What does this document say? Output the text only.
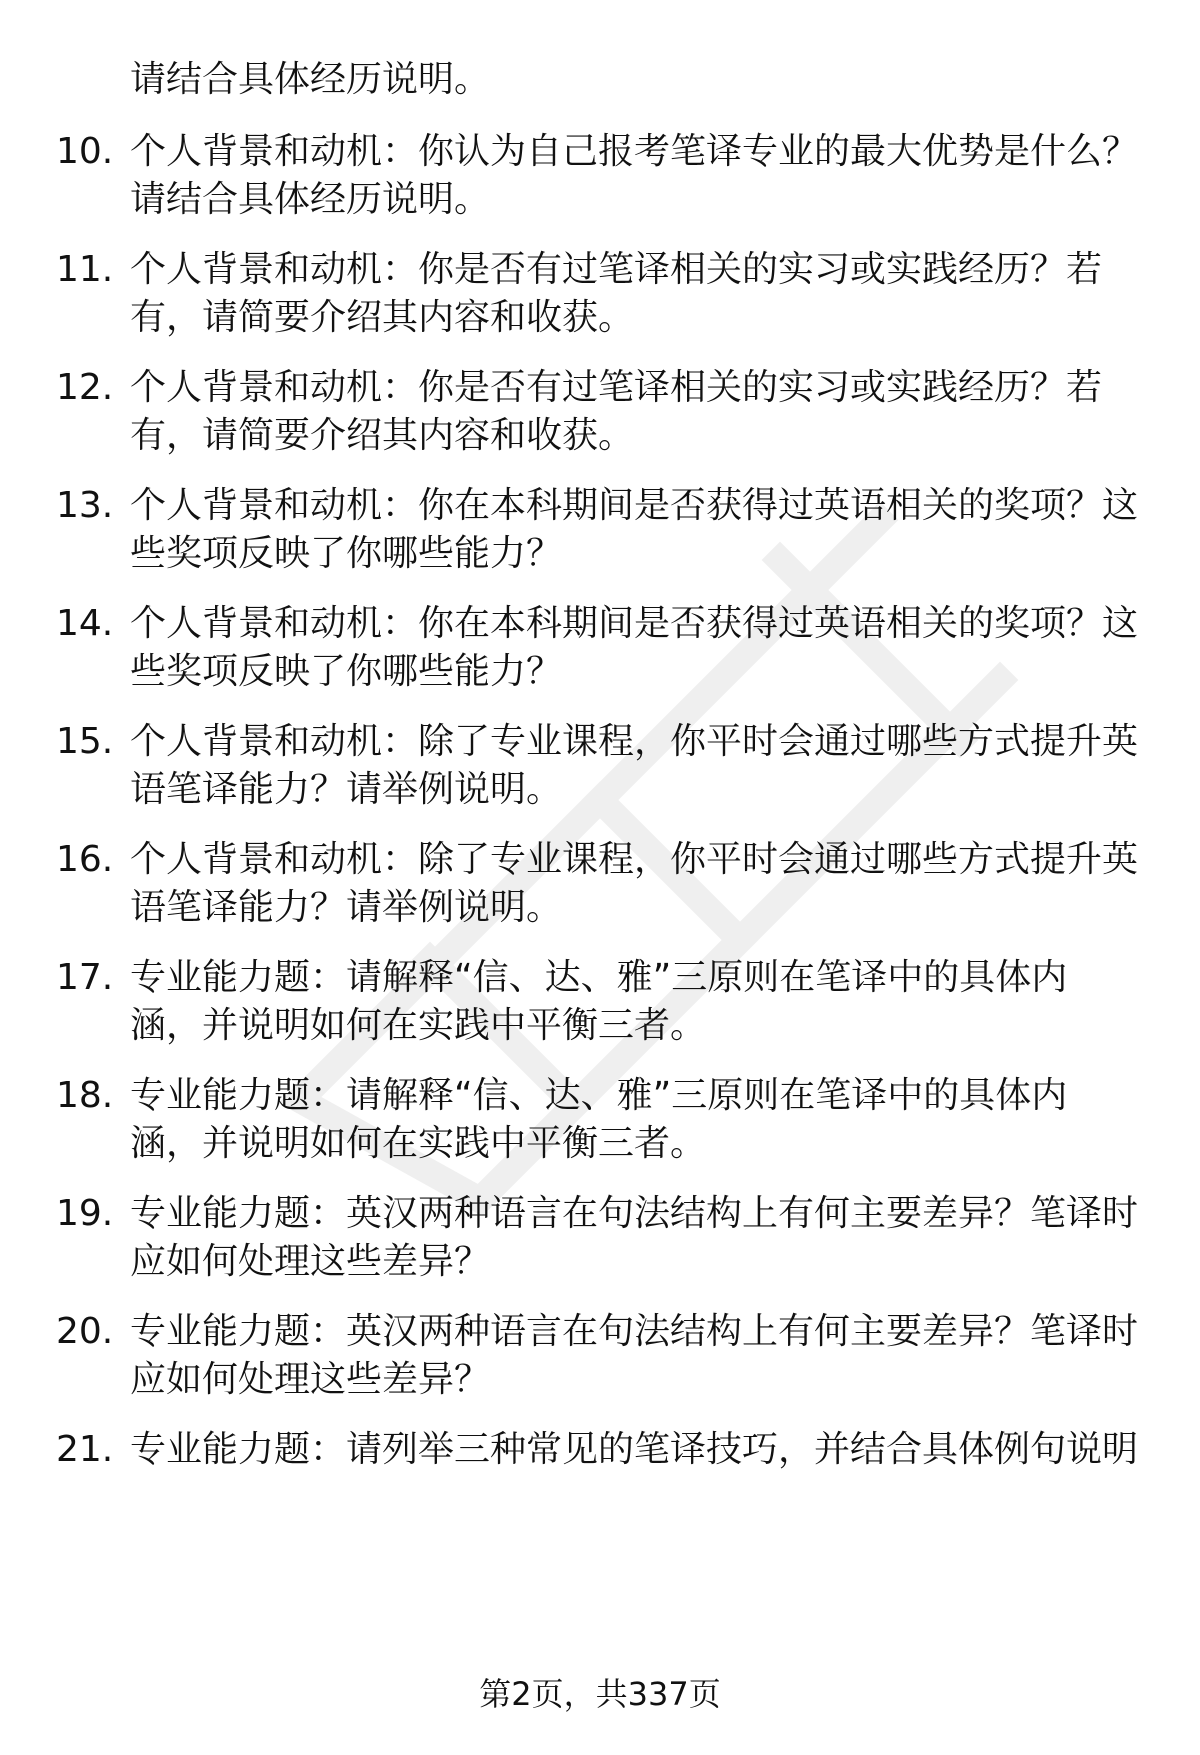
请结合具体经历说明。
10. 个人背景和动机：你认为自己报考笔译专业的最大优势是什么？
请结合具体经历说明。
11. 个人背景和动机：你是否有过笔译相关的实习或实践经历？若
有，请简要介绍其内容和收获。
12. 个人背景和动机：你是否有过笔译相关的实习或实践经历？若
有，请简要介绍其内容和收获。
13. 个人背景和动机：你在本科期间是否获得过英语相关的奖项？这
些奖项反映了你哪些能力？
14. 个人背景和动机：你在本科期间是否获得过英语相关的奖项？这
些奖项反映了你哪些能力？
15. 个人背景和动机：除了专业课程，你平时会通过哪些方式提升英
语笔译能力？请举例说明。
16. 个人背景和动机：除了专业课程，你平时会通过哪些方式提升英
语笔译能力？请举例说明。
17. 专业能力题：请解释“信、达、雅”三原则在笔译中的具体内
涵，并说明如何在实践中平衡三者。
18. 专业能力题：请解释“信、达、雅”三原则在笔译中的具体内
涵，并说明如何在实践中平衡三者。
19. 专业能力题：英汉两种语言在句法结构上有何主要差异？笔译时
应如何处理这些差异？
20. 专业能力题：英汉两种语言在句法结构上有何主要差异？笔译时
应如何处理这些差异？
21. 专业能力题：请列举三种常见的笔译技巧，并结合具体例句说明
第2页，共337页
